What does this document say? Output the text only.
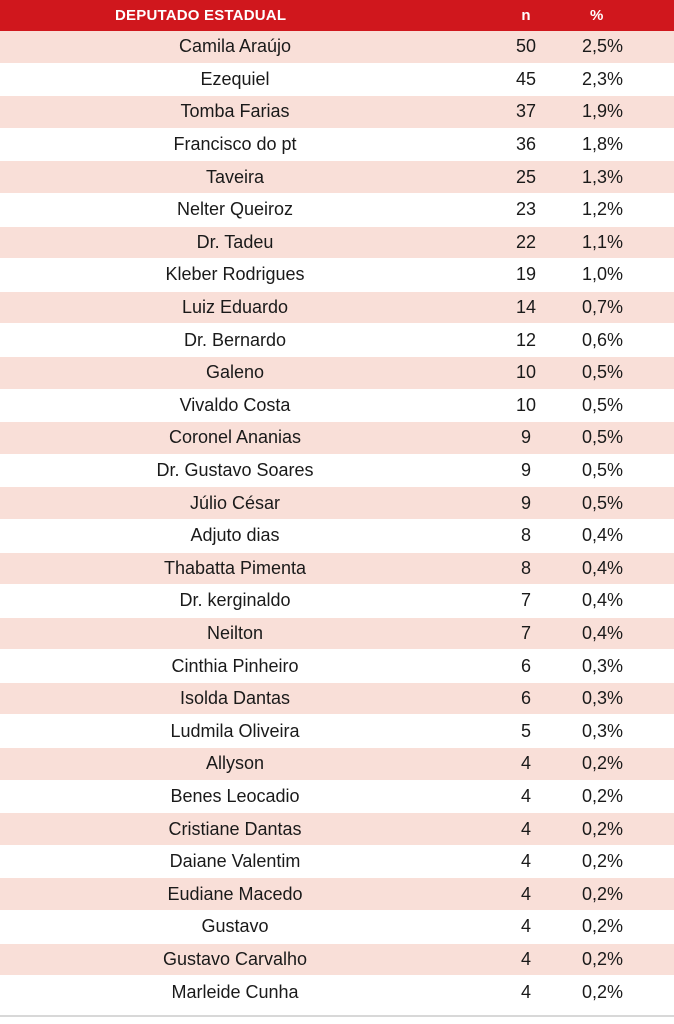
DEPUTADO ESTADUAL	n	%
Camila Araújo	50	2,5%
Ezequiel	45	2,3%
Tomba Farias	37	1,9%
Francisco do pt	36	1,8%
Taveira	25	1,3%
Nelter Queiroz	23	1,2%
Dr. Tadeu	22	1,1%
Kleber Rodrigues	19	1,0%
Luiz Eduardo	14	0,7%
Dr. Bernardo	12	0,6%
Galeno	10	0,5%
Vivaldo Costa	10	0,5%
Coronel Ananias	9	0,5%
Dr. Gustavo Soares	9	0,5%
Júlio César	9	0,5%
Adjuto dias	8	0,4%
Thabatta Pimenta	8	0,4%
Dr. kerginaldo	7	0,4%
Neilton	7	0,4%
Cinthia Pinheiro	6	0,3%
Isolda Dantas	6	0,3%
Ludmila Oliveira	5	0,3%
Allyson	4	0,2%
Benes Leocadio	4	0,2%
Cristiane Dantas	4	0,2%
Daiane Valentim	4	0,2%
Eudiane Macedo	4	0,2%
Gustavo	4	0,2%
Gustavo Carvalho	4	0,2%
Marleide Cunha	4	0,2%
